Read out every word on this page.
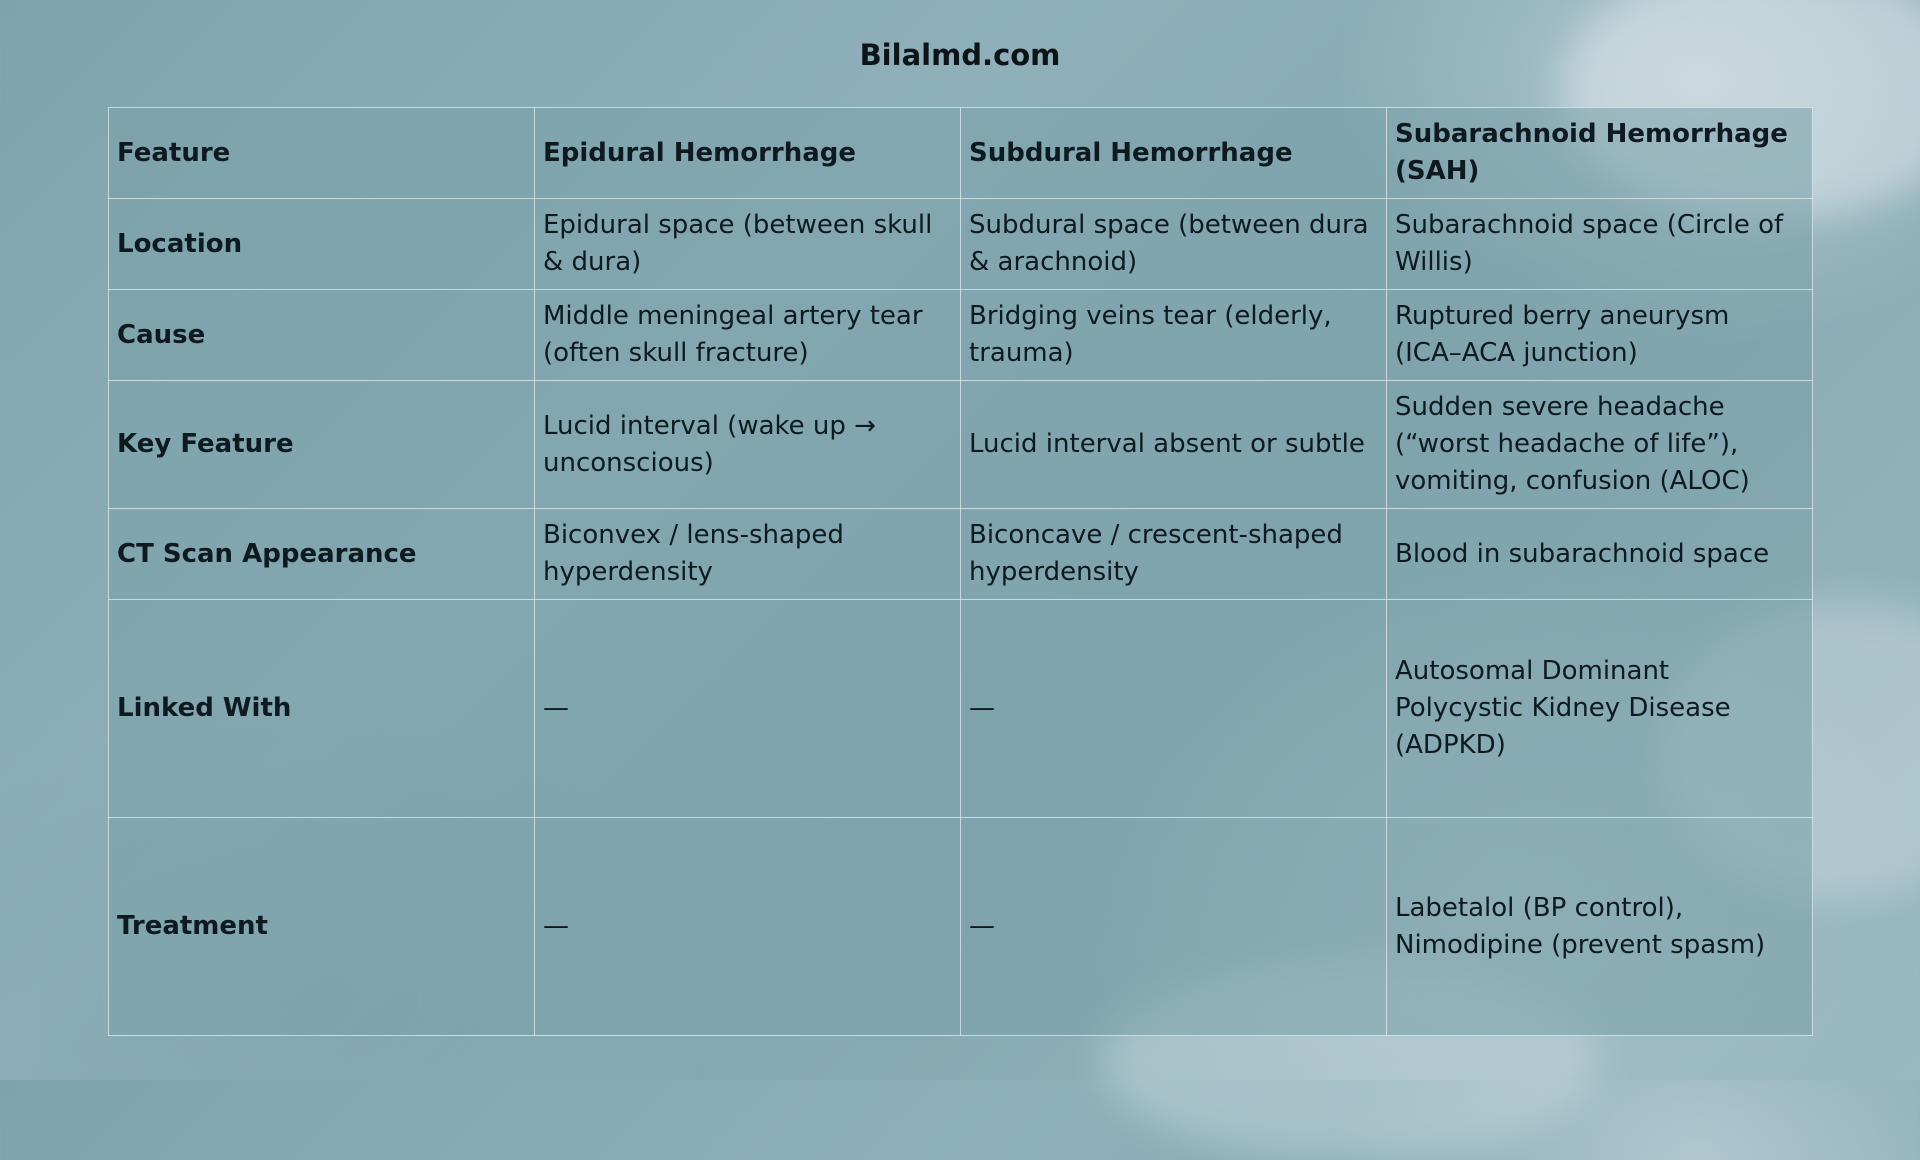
Bilalmd.com
Feature	Epidural Hemorrhage	Subdural Hemorrhage	Subarachnoid Hemorrhage (SAH)
Location	Epidural space (between skull & dura)	Subdural space (between dura & arachnoid)	Subarachnoid space (Circle of Willis)
Cause	Middle meningeal artery tear (often skull fracture)	Bridging veins tear (elderly, trauma)	Ruptured berry aneurysm (ICA–ACA junction)
Key Feature	Lucid interval (wake up → unconscious)	Lucid interval absent or subtle	Sudden severe headache (“worst headache of life”), vomiting, confusion (ALOC)
CT Scan Appearance	Biconvex / lens-shaped hyperdensity	Biconcave / crescent-shaped hyperdensity	Blood in subarachnoid space
Linked With	—	—	Autosomal Dominant Polycystic Kidney Disease (ADPKD)
Treatment	—	—	Labetalol (BP control), Nimodipine (prevent spasm)
